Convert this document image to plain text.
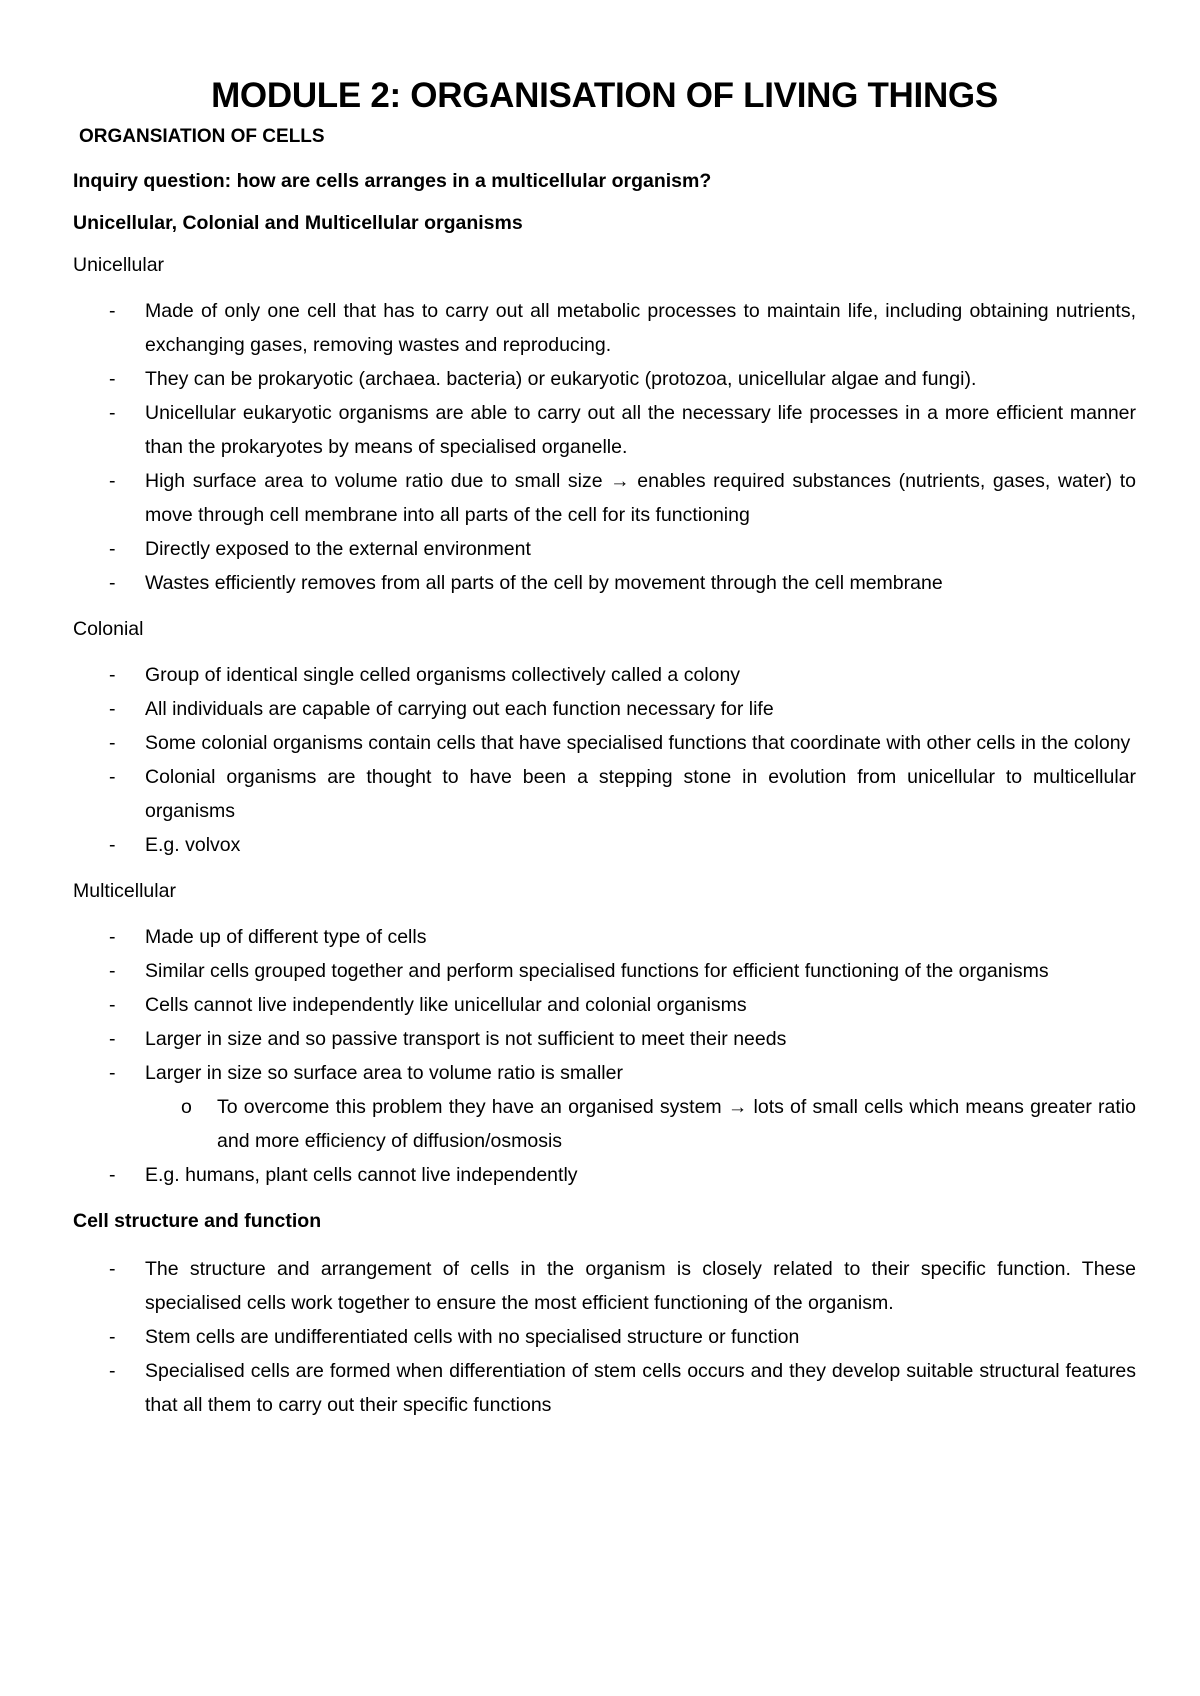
MODULE 2: ORGANISATION OF LIVING THINGS
ORGANSIATION OF CELLS
Inquiry question: how are cells arranges in a multicellular organism?
Unicellular, Colonial and Multicellular organisms
Unicellular
- Made of only one cell that has to carry out all metabolic processes to maintain life, including obtaining nutrients, exchanging gases, removing wastes and reproducing.
- They can be prokaryotic (archaea. bacteria) or eukaryotic (protozoa, unicellular algae and fungi).
- Unicellular eukaryotic organisms are able to carry out all the necessary life processes in a more efficient manner than the prokaryotes by means of specialised organelle.
- High surface area to volume ratio due to small size → enables required substances (nutrients, gases, water) to move through cell membrane into all parts of the cell for its functioning
- Directly exposed to the external environment
- Wastes efficiently removes from all parts of the cell by movement through the cell membrane
Colonial
- Group of identical single celled organisms collectively called a colony
- All individuals are capable of carrying out each function necessary for life
- Some colonial organisms contain cells that have specialised functions that coordinate with other cells in the colony
- Colonial organisms are thought to have been a stepping stone in evolution from unicellular to multicellular organisms
- E.g. volvox
Multicellular
- Made up of different type of cells
- Similar cells grouped together and perform specialised functions for efficient functioning of the organisms
- Cells cannot live independently like unicellular and colonial organisms
- Larger in size and so passive transport is not sufficient to meet their needs
- Larger in size so surface area to volume ratio is smaller
o To overcome this problem they have an organised system → lots of small cells which means greater ratio and more efficiency of diffusion/osmosis
- E.g. humans, plant cells cannot live independently
Cell structure and function
- The structure and arrangement of cells in the organism is closely related to their specific function. These specialised cells work together to ensure the most efficient functioning of the organism.
- Stem cells are undifferentiated cells with no specialised structure or function
- Specialised cells are formed when differentiation of stem cells occurs and they develop suitable structural features that all them to carry out their specific functions
